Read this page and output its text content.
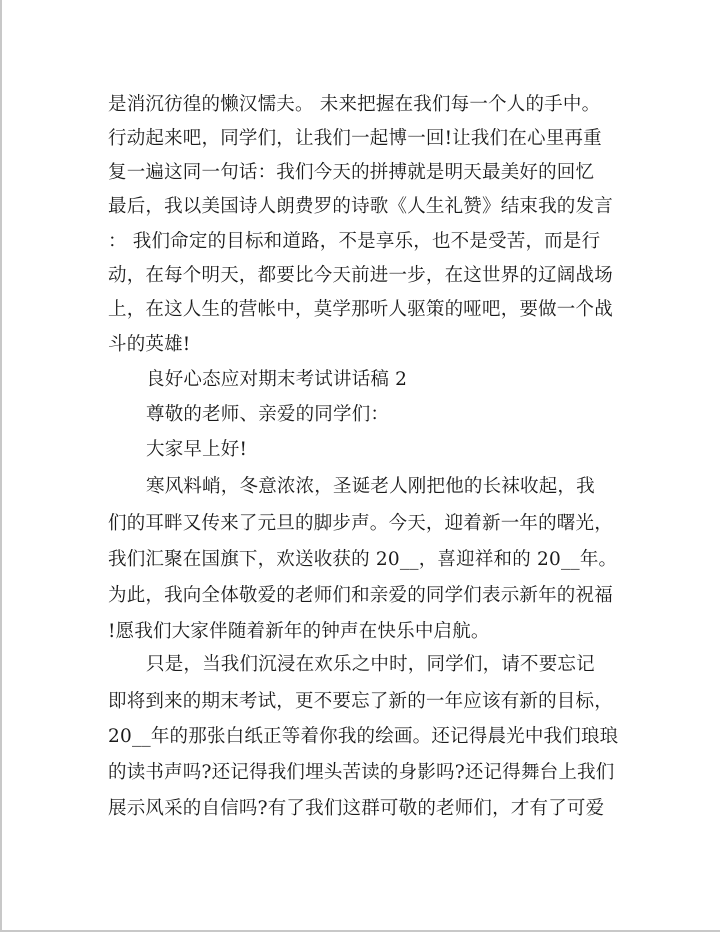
是消沉彷徨的懒汉懦夫。 未来把握在我们每一个人的手中。
行动起来吧，同学们，让我们一起博一回!让我们在心里再重
复一遍这同一句话：我们今天的拼搏就是明天最美好的回忆
最后，我以美国诗人朗费罗的诗歌《人生礼赞》结束我的发言
： 我们命定的目标和道路，不是享乐，也不是受苦，而是行
动，在每个明天，都要比今天前进一步，在这世界的辽阔战场
上，在这人生的营帐中，莫学那听人驱策的哑吧，要做一个战
斗的英雄!
良好心态应对期末考试讲话稿 2
尊敬的老师、亲爱的同学们：
大家早上好!
寒风料峭，冬意浓浓，圣诞老人刚把他的长袜收起，我
们的耳畔又传来了元旦的脚步声。今天，迎着新一年的曙光，
我们汇聚在国旗下，欢送收获的 20__，喜迎祥和的 20__年。
为此，我向全体敬爱的老师们和亲爱的同学们表示新年的祝福
!愿我们大家伴随着新年的钟声在快乐中启航。
只是，当我们沉浸在欢乐之中时，同学们，请不要忘记
即将到来的期末考试，更不要忘了新的一年应该有新的目标，
20__年的那张白纸正等着你我的绘画。还记得晨光中我们琅琅
的读书声吗?还记得我们埋头苦读的身影吗?还记得舞台上我们
展示风采的自信吗?有了我们这群可敬的老师们，才有了可爱
